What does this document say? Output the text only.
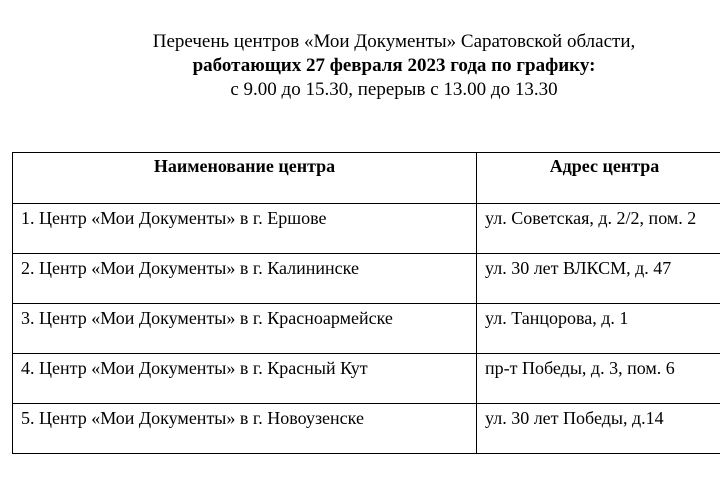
Перечень центров «Мои Документы» Саратовской области,
работающих 27 февраля 2023 года по графику:
с 9.00 до 15.30, перерыв с 13.00 до 13.30
Наименование центра	Адрес центра
1. Центр «Мои Документы» в г. Ершове	ул. Советская, д. 2/2, пом. 2
2. Центр «Мои Документы» в г. Калининске	ул. 30 лет ВЛКСМ, д. 47
3. Центр «Мои Документы» в г. Красноармейске	ул. Танцорова, д. 1
4. Центр «Мои Документы» в г. Красный Кут	пр-т Победы, д. 3, пом. 6
5. Центр «Мои Документы» в г. Новоузенске	ул. 30 лет Победы, д.14
